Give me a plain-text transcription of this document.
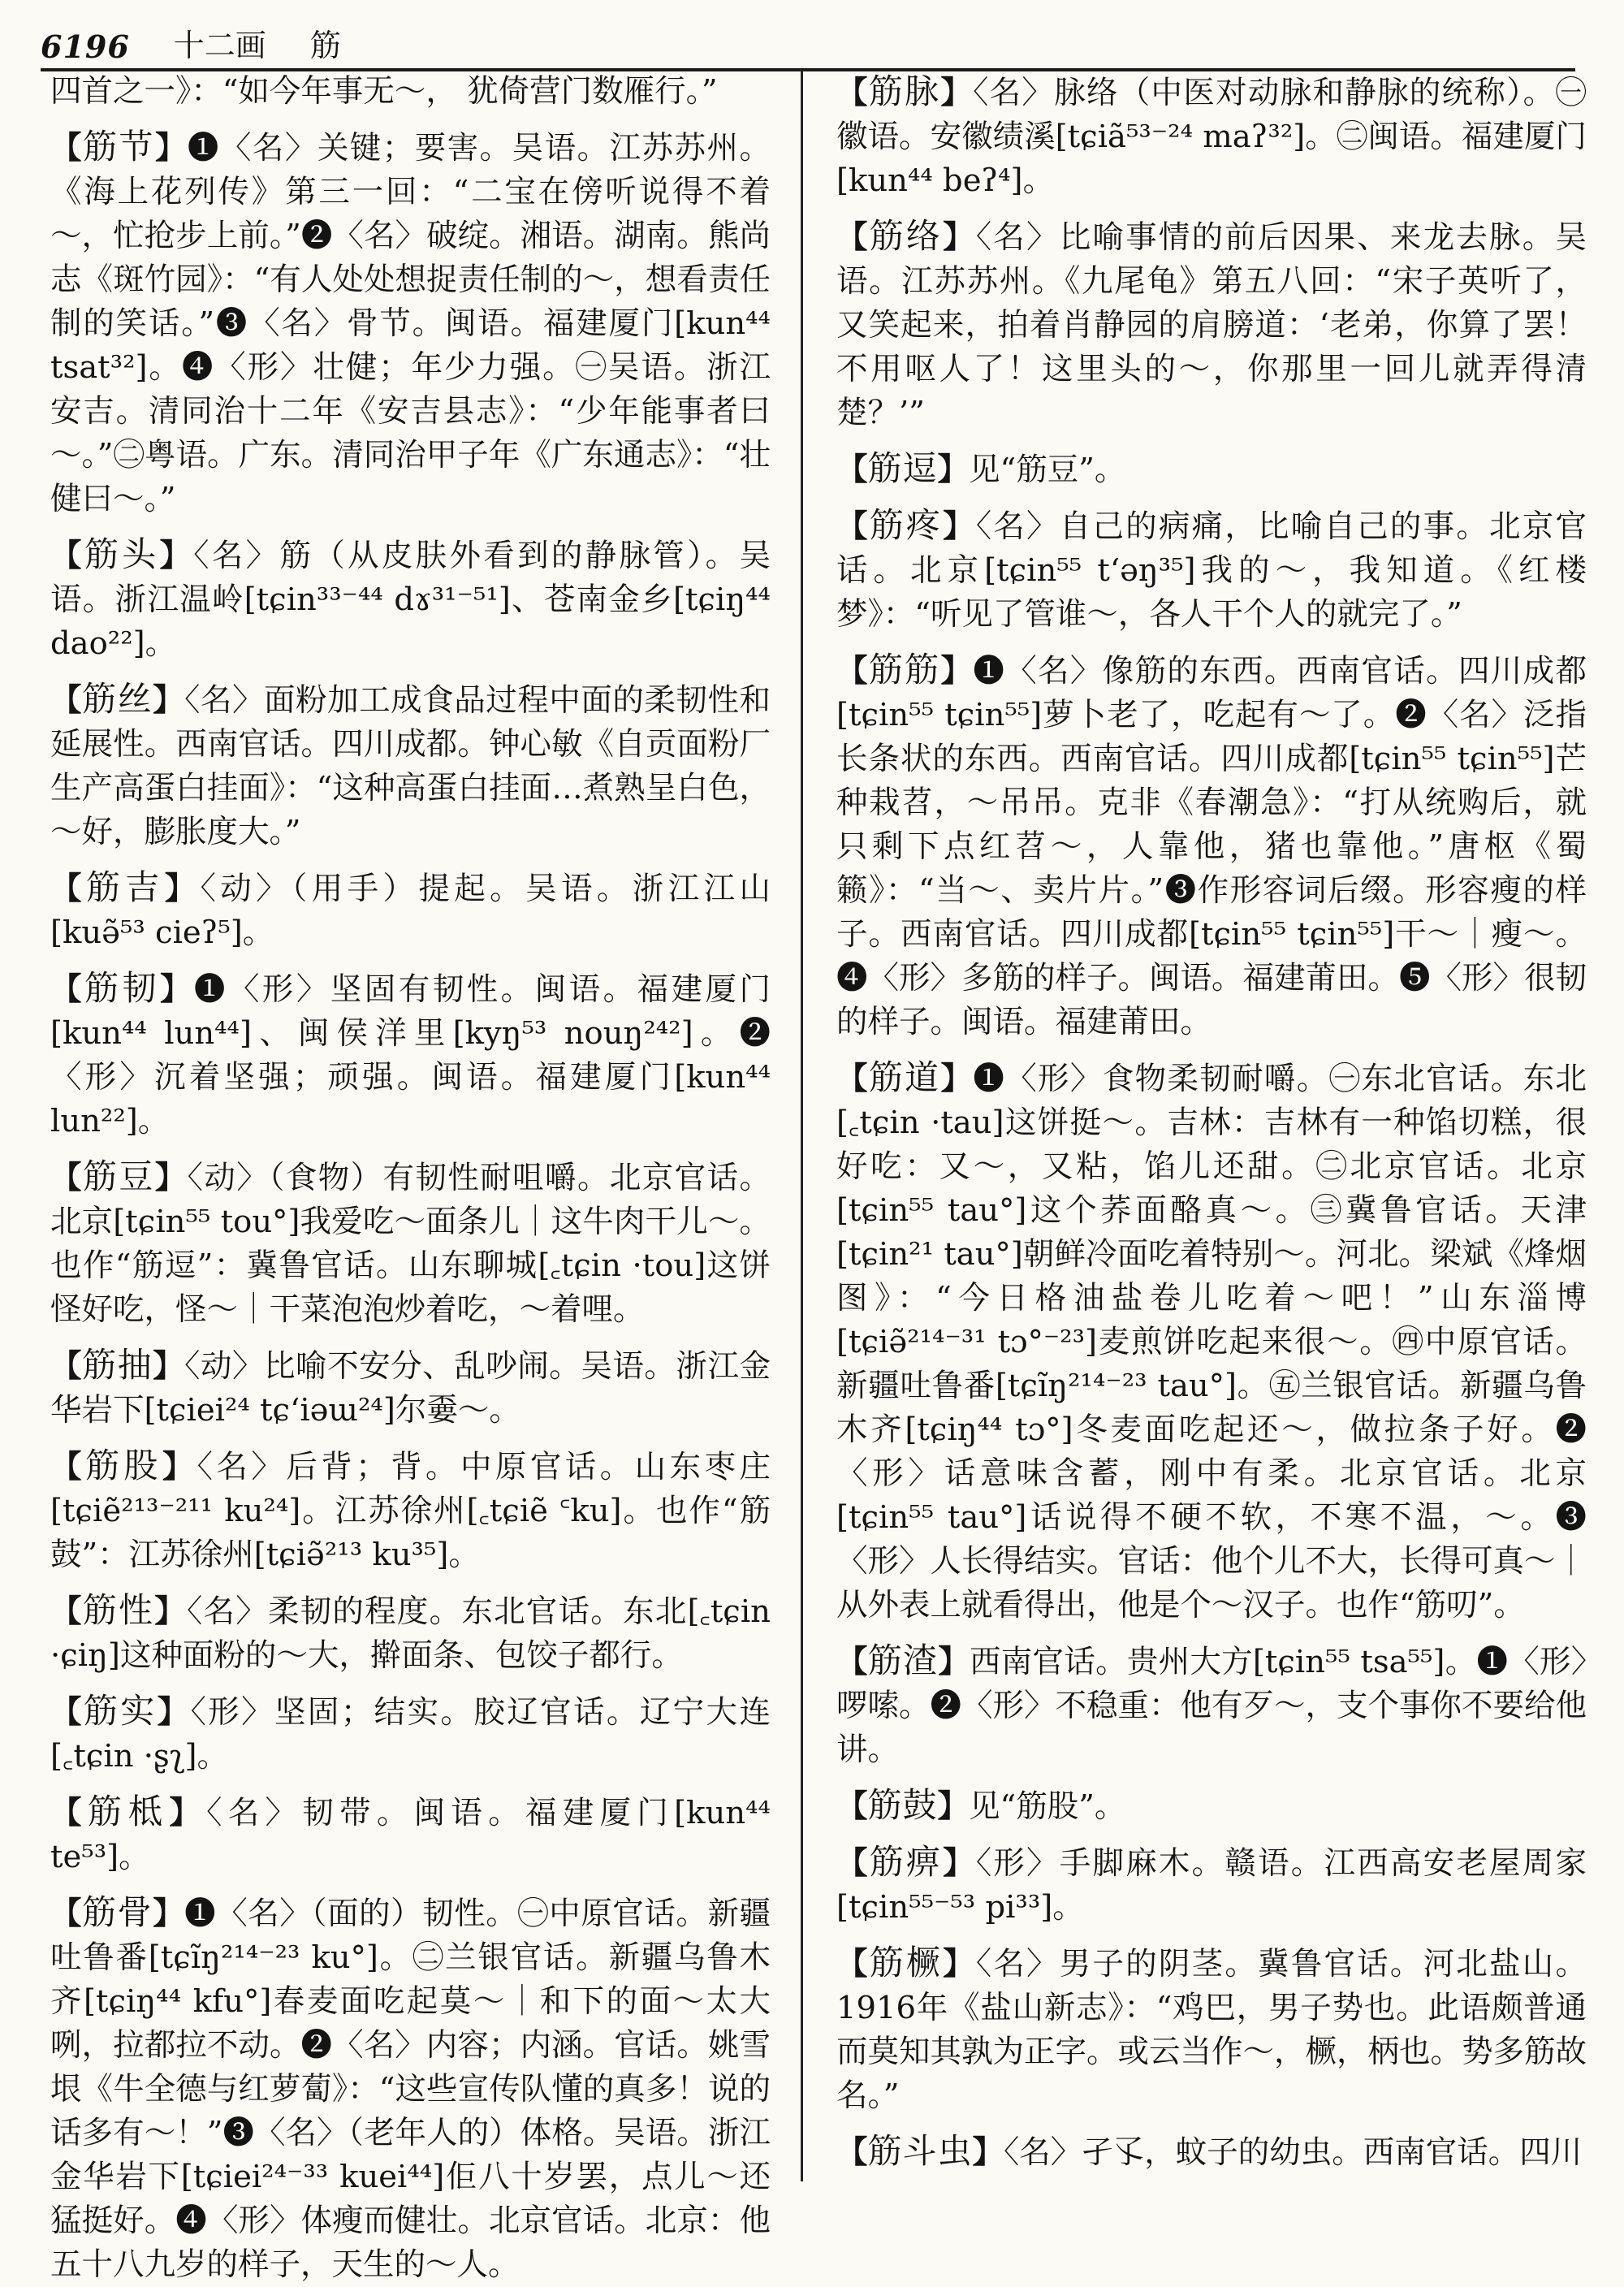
6196 十二画 筋
四首之一》：“如今年事无～， 犹倚营门数雁行。”
【筋节】❶〈名〉关键；要害。吴语。江苏苏州。《海上花列传》第三一回：“二宝在傍听说得不着～，忙抢步上前。”❷〈名〉破绽。湘语。湖南。熊尚志《斑竹园》：“有人处处想捉责任制的～，想看责任制的笑话。”❸〈名〉骨节。闽语。福建厦门[kun⁴⁴ tsat³²]。❹〈形〉壮健；年少力强。㊀吴语。浙江安吉。清同治十二年《安吉县志》：“少年能事者曰～。”㊁粤语。广东。清同治甲子年《广东通志》：“壮健曰～。”
【筋头】〈名〉筋（从皮肤外看到的静脉管）。吴语。浙江温岭[tɕin³³⁻⁴⁴ dɤ³¹⁻⁵¹]、苍南金乡[tɕiŋ⁴⁴ dao²²]。
【筋丝】〈名〉面粉加工成食品过程中面的柔韧性和延展性。西南官话。四川成都。钟心敏《自贡面粉厂生产高蛋白挂面》：“这种高蛋白挂面…煮熟呈白色，～好，膨胀度大。”
【筋吉】〈动〉（用手）提起。吴语。浙江江山[kuə̃⁵³ cieʔ⁵]。
【筋韧】❶〈形〉坚固有韧性。闽语。福建厦门[kun⁴⁴ lun⁴⁴]、闽侯洋里[kyŋ⁵³ nouŋ²⁴²]。❷〈形〉沉着坚强；顽强。闽语。福建厦门[kun⁴⁴ lun²²]。
【筋豆】〈动〉（食物）有韧性耐咀嚼。北京官话。北京[tɕin⁵⁵ tou°]我爱吃～面条儿｜这牛肉干儿～。也作“筋逗”：冀鲁官话。山东聊城[꜀tɕin ·tou]这饼怪好吃，怪～｜干菜泡泡炒着吃，～着哩。
【筋抽】〈动〉比喻不安分、乱吵闹。吴语。浙江金华岩下[tɕiei²⁴ tɕ‘iəɯ²⁴]尔嫑～。
【筋股】〈名〉后背；背。中原官话。山东枣庄[tɕiẽ²¹³⁻²¹¹ ku²⁴]。江苏徐州[꜀tɕiẽ ꜂ku]。也作“筋鼓”：江苏徐州[tɕiə̃²¹³ ku³⁵]。
【筋性】〈名〉柔韧的程度。东北官话。东北[꜀tɕin ·ɕiŋ]这种面粉的～大，擀面条、包饺子都行。
【筋实】〈形〉坚固；结实。胶辽官话。辽宁大连[꜀tɕin ·ʂʅ]。
【筋柢】〈名〉韧带。闽语。福建厦门[kun⁴⁴ te⁵³]。
【筋骨】❶〈名〉（面的）韧性。㊀中原官话。新疆吐鲁番[tɕĩŋ²¹⁴⁻²³ ku°]。㊁兰银官话。新疆乌鲁木齐[tɕiŋ⁴⁴ kfu°]春麦面吃起莫～｜和下的面～太大咧，拉都拉不动。❷〈名〉内容；内涵。官话。姚雪垠《牛全德与红萝蔔》：“这些宣传队懂的真多！说的话多有～！”❸〈名〉（老年人的）体格。吴语。浙江金华岩下[tɕiei²⁴⁻³³ kuei⁴⁴]佢八十岁罢，点儿～还猛挺好。❹〈形〉体瘦而健壮。北京官话。北京：他五十八九岁的样子，天生的～人。
【筋脉】〈名〉脉络（中医对动脉和静脉的统称）。㊀徽语。安徽绩溪[tɕiã⁵³⁻²⁴ maʔ³²]。㊁闽语。福建厦门[kun⁴⁴ beʔ⁴]。
【筋络】〈名〉比喻事情的前后因果、来龙去脉。吴语。江苏苏州。《九尾龟》第五八回：“宋子英听了，又笑起来，拍着肖静园的肩膀道：‘老弟，你算了罢！不用呕人了！这里头的～，你那里一回儿就弄得清楚？’”
【筋逗】见“筋豆”。
【筋疼】〈名〉自己的病痛，比喻自己的事。北京官话。北京[tɕin⁵⁵ t‘əŋ³⁵]我的～，我知道。《红楼梦》：“听见了管谁～，各人干个人的就完了。”
【筋筋】❶〈名〉像筋的东西。西南官话。四川成都[tɕin⁵⁵ tɕin⁵⁵]萝卜老了，吃起有～了。❷〈名〉泛指长条状的东西。西南官话。四川成都[tɕin⁵⁵ tɕin⁵⁵]芒种栽苕，～吊吊。克非《春潮急》：“打从统购后，就只剩下点红苕～，人靠他，猪也靠他。”唐枢《蜀籁》：“当～、卖片片。”❸作形容词后缀。形容瘦的样子。西南官话。四川成都[tɕin⁵⁵ tɕin⁵⁵]干～｜瘦～。❹〈形〉多筋的样子。闽语。福建莆田。❺〈形〉很韧的样子。闽语。福建莆田。
【筋道】❶〈形〉食物柔韧耐嚼。㊀东北官话。东北[꜀tɕin ·tau]这饼挺～。吉林：吉林有一种馅切糕，很好吃：又～，又粘，馅儿还甜。㊁北京官话。北京[tɕin⁵⁵ tau°]这个荞面酪真～。㊂冀鲁官话。天津[tɕin²¹ tau°]朝鲜冷面吃着特别～。河北。梁斌《烽烟图》：“今日格油盐卷儿吃着～吧！”山东淄博[tɕiə̃²¹⁴⁻³¹ tɔ°⁻²³]麦煎饼吃起来很～。㊃中原官话。新疆吐鲁番[tɕĩŋ²¹⁴⁻²³ tau°]。㊄兰银官话。新疆乌鲁木齐[tɕiŋ⁴⁴ tɔ°]冬麦面吃起还～，做拉条子好。❷〈形〉话意味含蓄，刚中有柔。北京官话。北京[tɕin⁵⁵ tau°]话说得不硬不软，不寒不温，～。❸〈形〉人长得结实。官话：他个儿不大，长得可真～｜从外表上就看得出，他是个～汉子。也作“筋叨”。
【筋渣】西南官话。贵州大方[tɕin⁵⁵ tsa⁵⁵]。❶〈形〉啰嗦。❷〈形〉不稳重：他有歹～，支个事你不要给他讲。
【筋鼓】见“筋股”。
【筋痹】〈形〉手脚麻木。赣语。江西高安老屋周家[tɕin⁵⁵⁻⁵³ pi³³]。
【筋橛】〈名〉男子的阴茎。冀鲁官话。河北盐山。1916年《盐山新志》：“鸡巴，男子势也。此语颇普通而莫知其孰为正字。或云当作～，橛，柄也。势多筋故名。”
【筋斗虫】〈名〉孑孓，蚊子的幼虫。西南官话。四川
